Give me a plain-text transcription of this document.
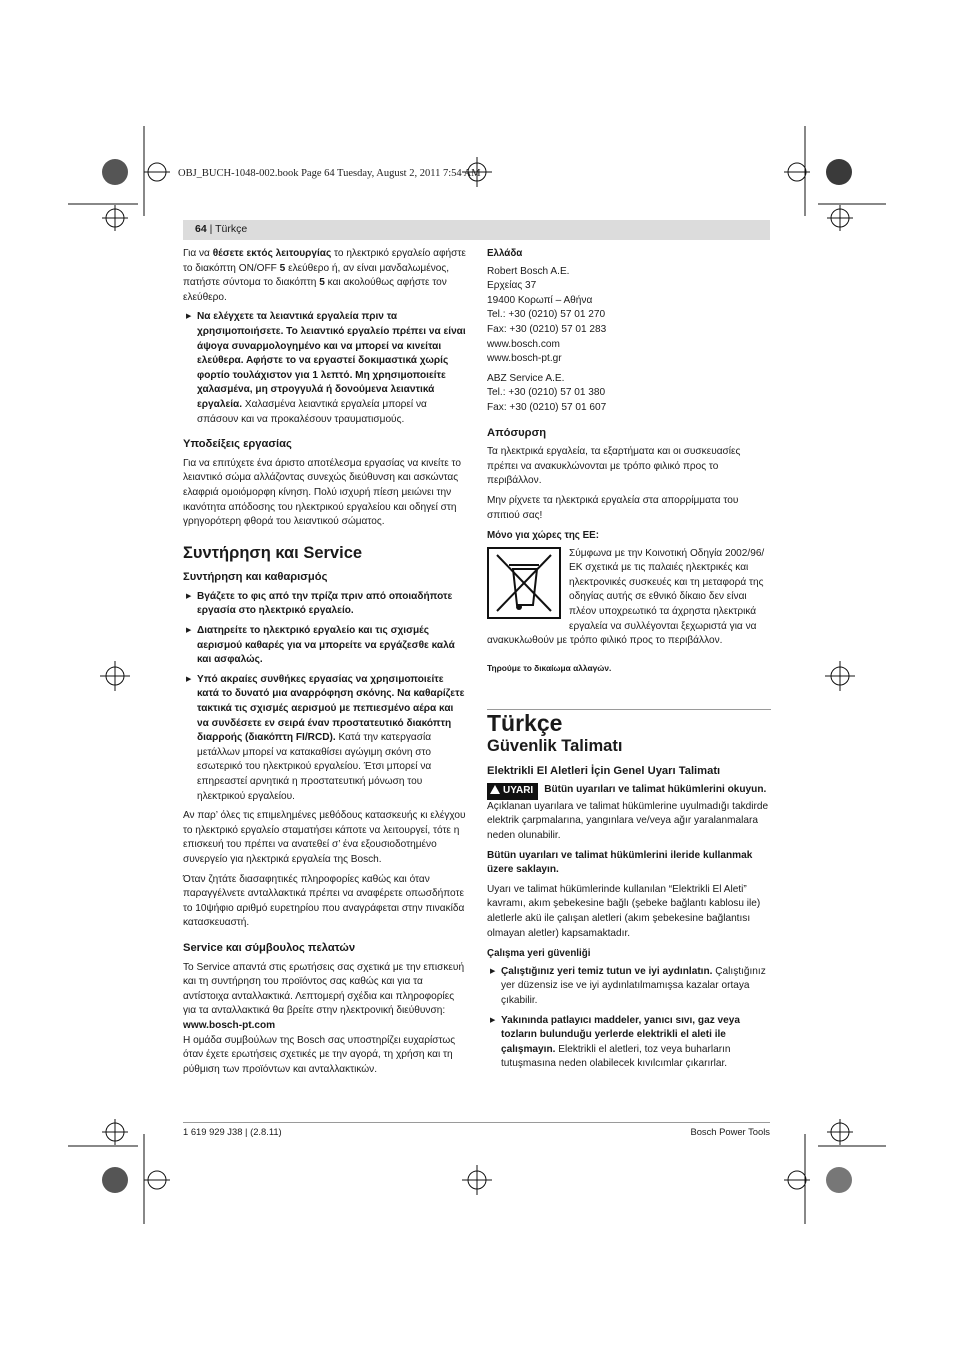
OBJ_BUCH-1048-002.book Page 64 Tuesday, August 2, 2011 7:54 AM
64 | Türkçe

Για να θέσετε εκτός λειτουργίας το ηλεκτρικό εργαλείο αφήστε το διακόπτη ON/OFF 5 ελεύθερο ή, αν είναι μανδαλωμένος, πατήστε σύντομα το διακόπτη 5 και ακολούθως αφήστε τον ελεύθερο.

▶ Να ελέγχετε τα λειαντικά εργαλεία πριν τα χρησιμοποιήσετε. Το λειαντικό εργαλείο πρέπει να είναι άψογα συναρμολογημένο και να μπορεί να κινείται ελεύθερα. Αφήστε το να εργαστεί δοκιμαστικά χωρίς φορτίο τουλάχιστον για 1 λεπτό. Μη χρησιμοποιείτε χαλασμένα, μη στρογγυλά ή δονούμενα λειαντικά εργαλεία. Χαλασμένα λειαντικά εργαλεία μπορεί να σπάσουν και να προκαλέσουν τραυματισμούς.
Υποδείξεις εργασίας

Για να επιτύχετε ένα άριστο αποτέλεσμα εργασίας να κινείτε το λειαντικό σώμα αλλάζοντας συνεχώς διεύθυνση και ασκώντας ελαφριά ομοιόμορφη κίνηση. Πολύ ισχυρή πίεση μειώνει την ικανότητα απόδοσης του ηλεκτρικού εργαλείου και οδηγεί στη γρηγορότερη φθορά του λειαντικού σώματος.

Συντήρηση και Service
Συντήρηση και καθαρισμός
▶ Βγάζετε το φις από την πρίζα πριν από οποιαδήποτε εργασία στο ηλεκτρικό εργαλείο.
▶ Διατηρείτε το ηλεκτρικό εργαλείο και τις σχισμές αερισμού καθαρές για να μπορείτε να εργάζεσθε καλά και ασφαλώς.
▶ Υπό ακραίες συνθήκες εργασίας να χρησιμοποιείτε κατά το δυνατό μια αναρρόφηση σκόνης. Να καθαρίζετε τακτικά τις σχισμές αερισμού με πεπιεσμένο αέρα και να συνδέσετε εν σειρά έναν προστατευτικό διακόπτη διαρροής (διακόπτη FI/RCD). Κατά την κατεργασία μετάλλων μπορεί να κατακαθίσει αγώγιμη σκόνη στο εσωτερικό του ηλεκτρικού εργαλείου. Έτσι μπορεί να επηρεαστεί αρνητικά η προστατευτική μόνωση του ηλεκτρικού εργαλείου.

Αν παρ’ όλες τις επιμελημένες μεθόδους κατασκευής κι ελέγχου το ηλεκτρικό εργαλείο σταματήσει κάποτε να λειτουργεί, τότε η επισκευή του πρέπει να ανατεθεί σ’ ένα εξουσιοδοτημένο συνεργείο για ηλεκτρικά εργαλεία της Bosch.

Όταν ζητάτε διασαφητικές πληροφορίες καθώς και όταν παραγγέλνετε ανταλλακτικά πρέπει να αναφέρετε οπωσδήποτε το 10ψήφιο αριθμό ευρετηρίου που αναγράφεται στην πινακίδα κατασκευαστή.

Service και σύμβουλος πελατών

Το Service απαντά στις ερωτήσεις σας σχετικά με την επισκευή και τη συντήρηση του προϊόντος σας καθώς και για τα αντίστοιχα ανταλλακτικά. Λεπτομερή σχέδια και πληροφορίες για τα ανταλλακτικά θα βρείτε στην ηλεκτρονική διεύθυνση:

www.bosch-pt.com

Η ομάδα συμβούλων της Bosch σας υποστηρίζει ευχαρίστως όταν έχετε ερωτήσεις σχετικές με την αγορά, τη χρήση και τη ρύθμιση των προϊόντων και ανταλλακτικών.

Ελλάδα
Robert Bosch A.E.
Ερχείας 37
19400 Κορωπί – Αθήνα
Tel.: +30 (0210) 57 01 270
Fax: +30 (0210) 57 01 283
www.bosch.com
www.bosch-pt.gr
ABZ Service A.E.
Tel.: +30 (0210) 57 01 380
Fax: +30 (0210) 57 01 607
Απόσυρση

Τα ηλεκτρικά εργαλεία, τα εξαρτήματα και οι συσκευασίες πρέπει να ανακυκλώνονται με τρόπο φιλικό προς το περιβάλλον.

Μην ρίχνετε τα ηλεκτρικά εργαλεία στα απορρίμματα του σπιτιού σας!

Μόνο για χώρες της ΕΕ:

Σύμφωνα με την Κοινοτική Οδηγία 2002/96/ΕΚ σχετικά με τις παλαιές ηλεκτρικές και ηλεκτρονικές συσκευές και τη μεταφορά της οδηγίας αυτής σε εθνικό δίκαιο δεν είναι πλέον υποχρεωτικό τα άχρηστα ηλεκτρικά εργαλεία να συλλέγονται ξεχωριστά για να ανακυκλωθούν με τρόπο φιλικό προς το περιβάλλον.

Τηρούμε το δικαίωμα αλλαγών.
Türkçe
Güvenlik Talimatı
Elektrikli El Aletleri İçin Genel Uyarı Talimatı

UYARI Bütün uyarıları ve talimat hükümlerini okuyun. Açıklanan uyarılara ve talimat hükümlerine uyulmadığı takdirde elektrik çarpmalarına, yangınlara ve/veya ağır yaralanmalara neden olunabilir.

Bütün uyarıları ve talimat hükümlerini ileride kullanmak üzere saklayın.

Uyarı ve talimat hükümlerinde kullanılan “Elektrikli El Aleti” kavramı, akım şebekesine bağlı (şebeke bağlantı kablosu ile) aletlerle akü ile çalışan aletleri (akım şebekesine bağlantısı olmayan aletler) kapsamaktadır.

Çalışma yeri güvenliği
▶ Çalıştığınız yeri temiz tutun ve iyi aydınlatın. Çalıştığınız yer düzensiz ise ve iyi aydınlatılmamışsa kazalar ortaya çıkabilir.
▶ Yakınında patlayıcı maddeler, yanıcı sıvı, gaz veya tozların bulunduğu yerlerde elektrikli el aleti ile çalışmayın. Elektrikli el aletleri, toz veya buharların tutuşmasına neden olabilecek kıvılcımlar çıkarırlar.
1 619 929 J38 | (2.8.11)	Bosch Power Tools
